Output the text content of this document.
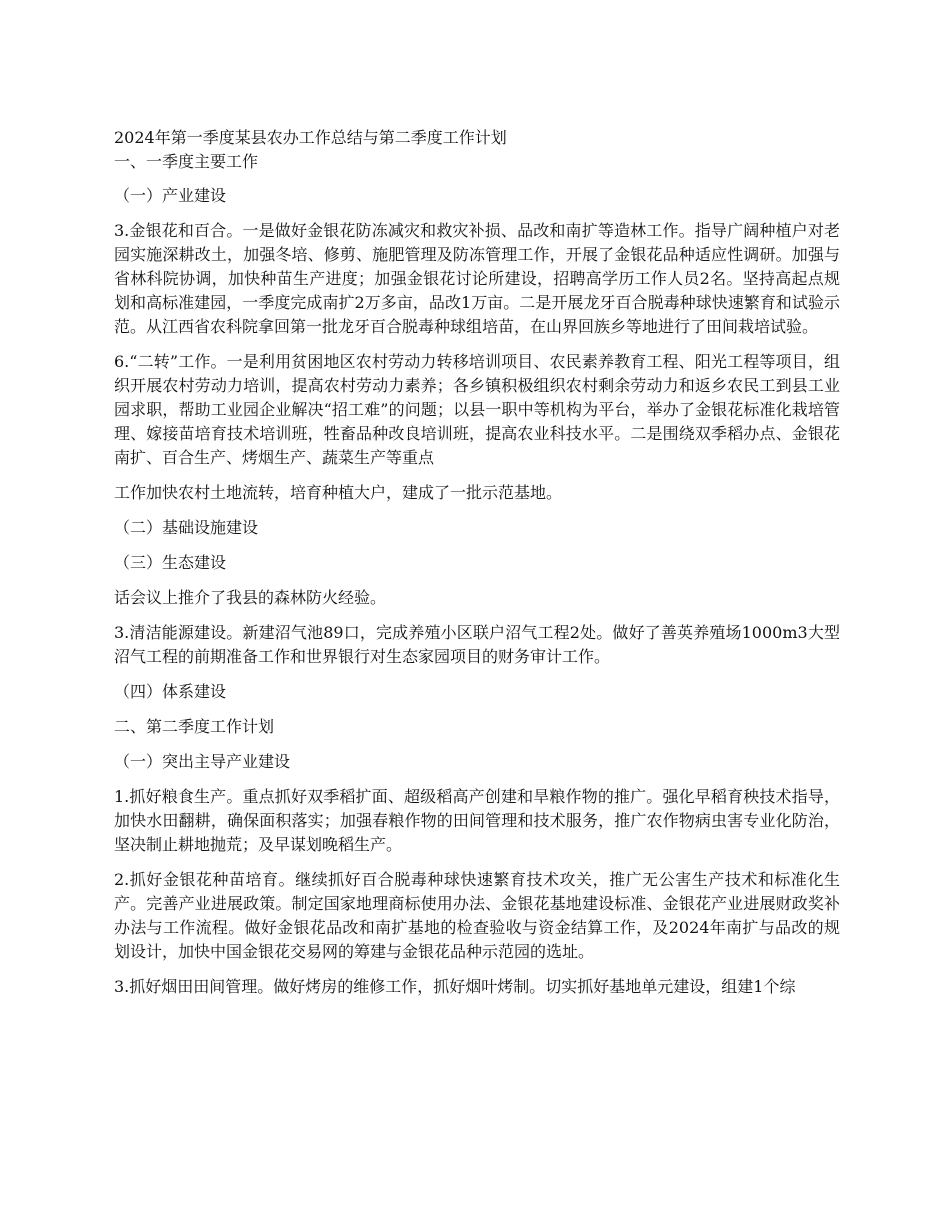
2024年第一季度某县农办工作总结与第二季度工作计划

一、一季度主要工作

（一）产业建设

3.金银花和百合。一是做好金银花防冻减灾和救灾补损、品改和南扩等造林工作。指导广阔种植户对老园实施深耕改土，加强冬培、修剪、施肥管理及防冻管理工作，开展了金银花品种适应性调研。加强与省林科院协调，加快种苗生产进度；加强金银花讨论所建设，招聘高学历工作人员2名。坚持高起点规划和高标准建园，一季度完成南扩2万多亩，品改1万亩。二是开展龙牙百合脱毒种球快速繁育和试验示范。从江西省农科院拿回第一批龙牙百合脱毒种球组培苗，在山界回族乡等地进行了田间栽培试验。

6.“二转”工作。一是利用贫困地区农村劳动力转移培训项目、农民素养教育工程、阳光工程等项目，组织开展农村劳动力培训，提高农村劳动力素养；各乡镇积极组织农村剩余劳动力和返乡农民工到县工业园求职，帮助工业园企业解决“招工难”的问题；以县一职中等机构为平台，举办了金银花标准化栽培管理、嫁接苗培育技术培训班，牲畜品种改良培训班，提高农业科技水平。二是围绕双季稻办点、金银花南扩、百合生产、烤烟生产、蔬菜生产等重点

工作加快农村土地流转，培育种植大户，建成了一批示范基地。

（二）基础设施建设

（三）生态建设

话会议上推介了我县的森林防火经验。

3.清洁能源建设。新建沼气池89口，完成养殖小区联户沼气工程2处。做好了善英养殖场1000m3大型沼气工程的前期准备工作和世界银行对生态家园项目的财务审计工作。

（四）体系建设

二、第二季度工作计划

（一）突出主导产业建设

1.抓好粮食生产。重点抓好双季稻扩面、超级稻高产创建和旱粮作物的推广。强化早稻育秧技术指导，加快水田翻耕，确保面积落实；加强春粮作物的田间管理和技术服务，推广农作物病虫害专业化防治，坚决制止耕地抛荒；及早谋划晚稻生产。

2.抓好金银花种苗培育。继续抓好百合脱毒种球快速繁育技术攻关，推广无公害生产技术和标准化生产。完善产业进展政策。制定国家地理商标使用办法、金银花基地建设标准、金银花产业进展财政奖补办法与工作流程。做好金银花品改和南扩基地的检查验收与资金结算工作，及2024年南扩与品改的规划设计，加快中国金银花交易网的筹建与金银花品种示范园的选址。

3.抓好烟田田间管理。做好烤房的维修工作，抓好烟叶烤制。切实抓好基地单元建设，组建1个综
